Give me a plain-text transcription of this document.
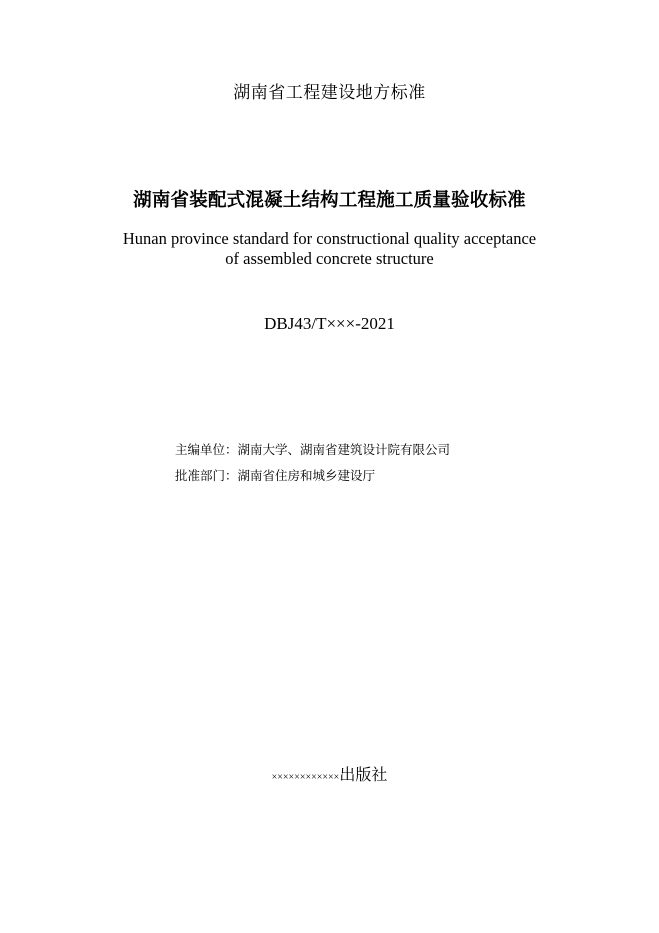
湖南省工程建设地方标准
湖南省装配式混凝土结构工程施工质量验收标准
Hunan province standard for constructional quality acceptance
of assembled concrete structure
DBJ43/T×××-2021
主编单位：湖南大学、湖南省建筑设计院有限公司
批准部门：湖南省住房和城乡建设厅
××××××××××××出版社
